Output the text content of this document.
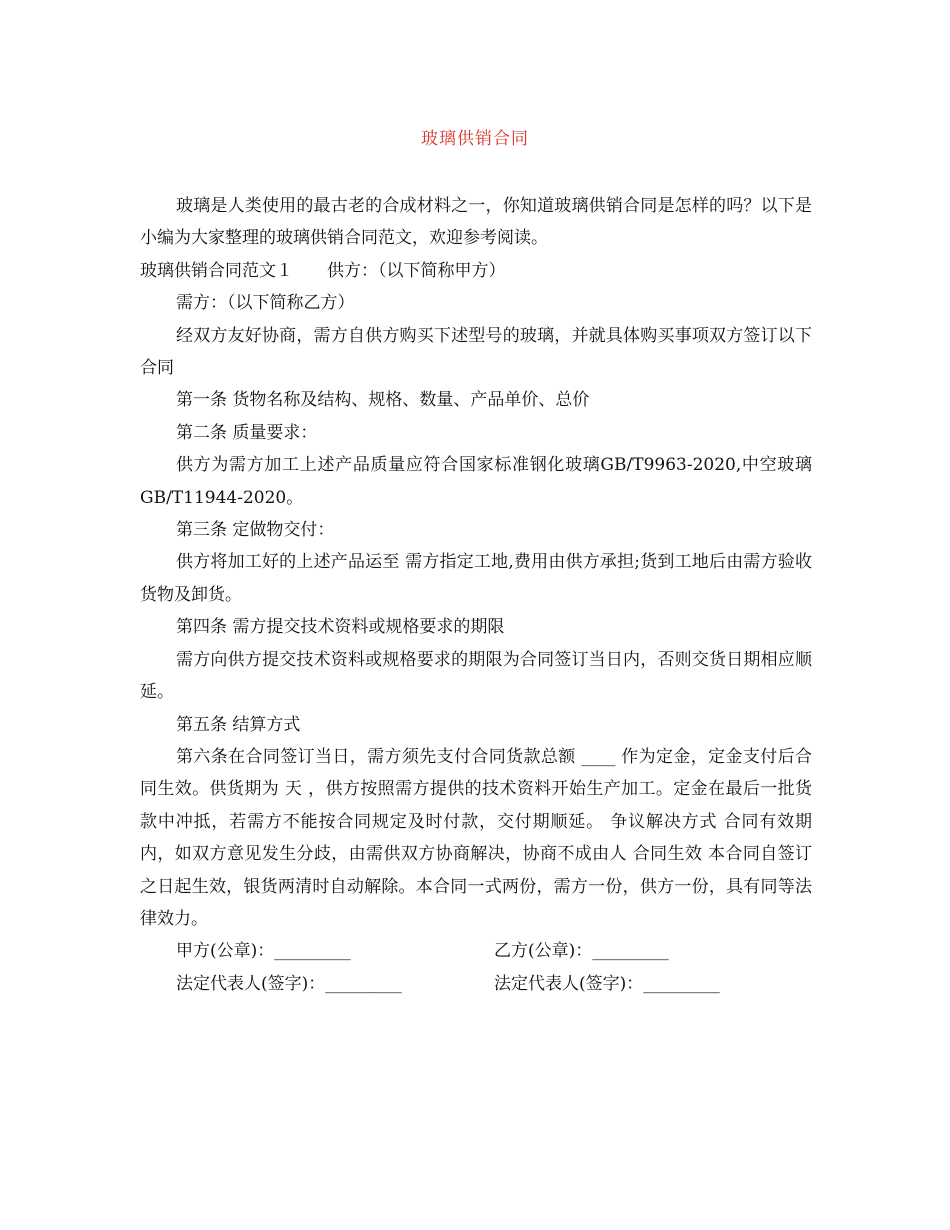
玻璃供销合同

玻璃是人类使用的最古老的合成材料之一，你知道玻璃供销合同是怎样的吗？以下是小编为大家整理的玻璃供销合同范文，欢迎参考阅读。

玻璃供销合同范文１　　供方：（以下简称甲方）

需方：（以下简称乙方）

经双方友好协商，需方自供方购买下述型号的玻璃，并就具体购买事项双方签订以下合同

第一条 货物名称及结构、规格、数量、产品单价、总价

第二条 质量要求：

供方为需方加工上述产品质量应符合国家标准钢化玻璃GB/T9963-2020,中空玻璃GB/T11944-2020。

第三条 定做物交付：

供方将加工好的上述产品运至 需方指定工地,费用由供方承担;货到工地后由需方验收货物及卸货。

第四条 需方提交技术资料或规格要求的期限

需方向供方提交技术资料或规格要求的期限为合同签订当日内，否则交货日期相应顺延。

第五条 结算方式

第六条在合同签订当日，需方须先支付合同货款总额 ____ 作为定金，定金支付后合同生效。供货期为 天 ，供方按照需方提供的技术资料开始生产加工。定金在最后一批货款中冲抵，若需方不能按合同规定及时付款，交付期顺延。 争议解决方式 合同有效期内，如双方意见发生分歧，由需供双方协商解决，协商不成由人 合同生效 本合同自签订之日起生效，银货两清时自动解除。本合同一式两份，需方一份，供方一份，具有同等法律效力。

甲方(公章)：_________	乙方(公章)：_________
法定代表人(签字)：_________	法定代表人(签字)：_________
